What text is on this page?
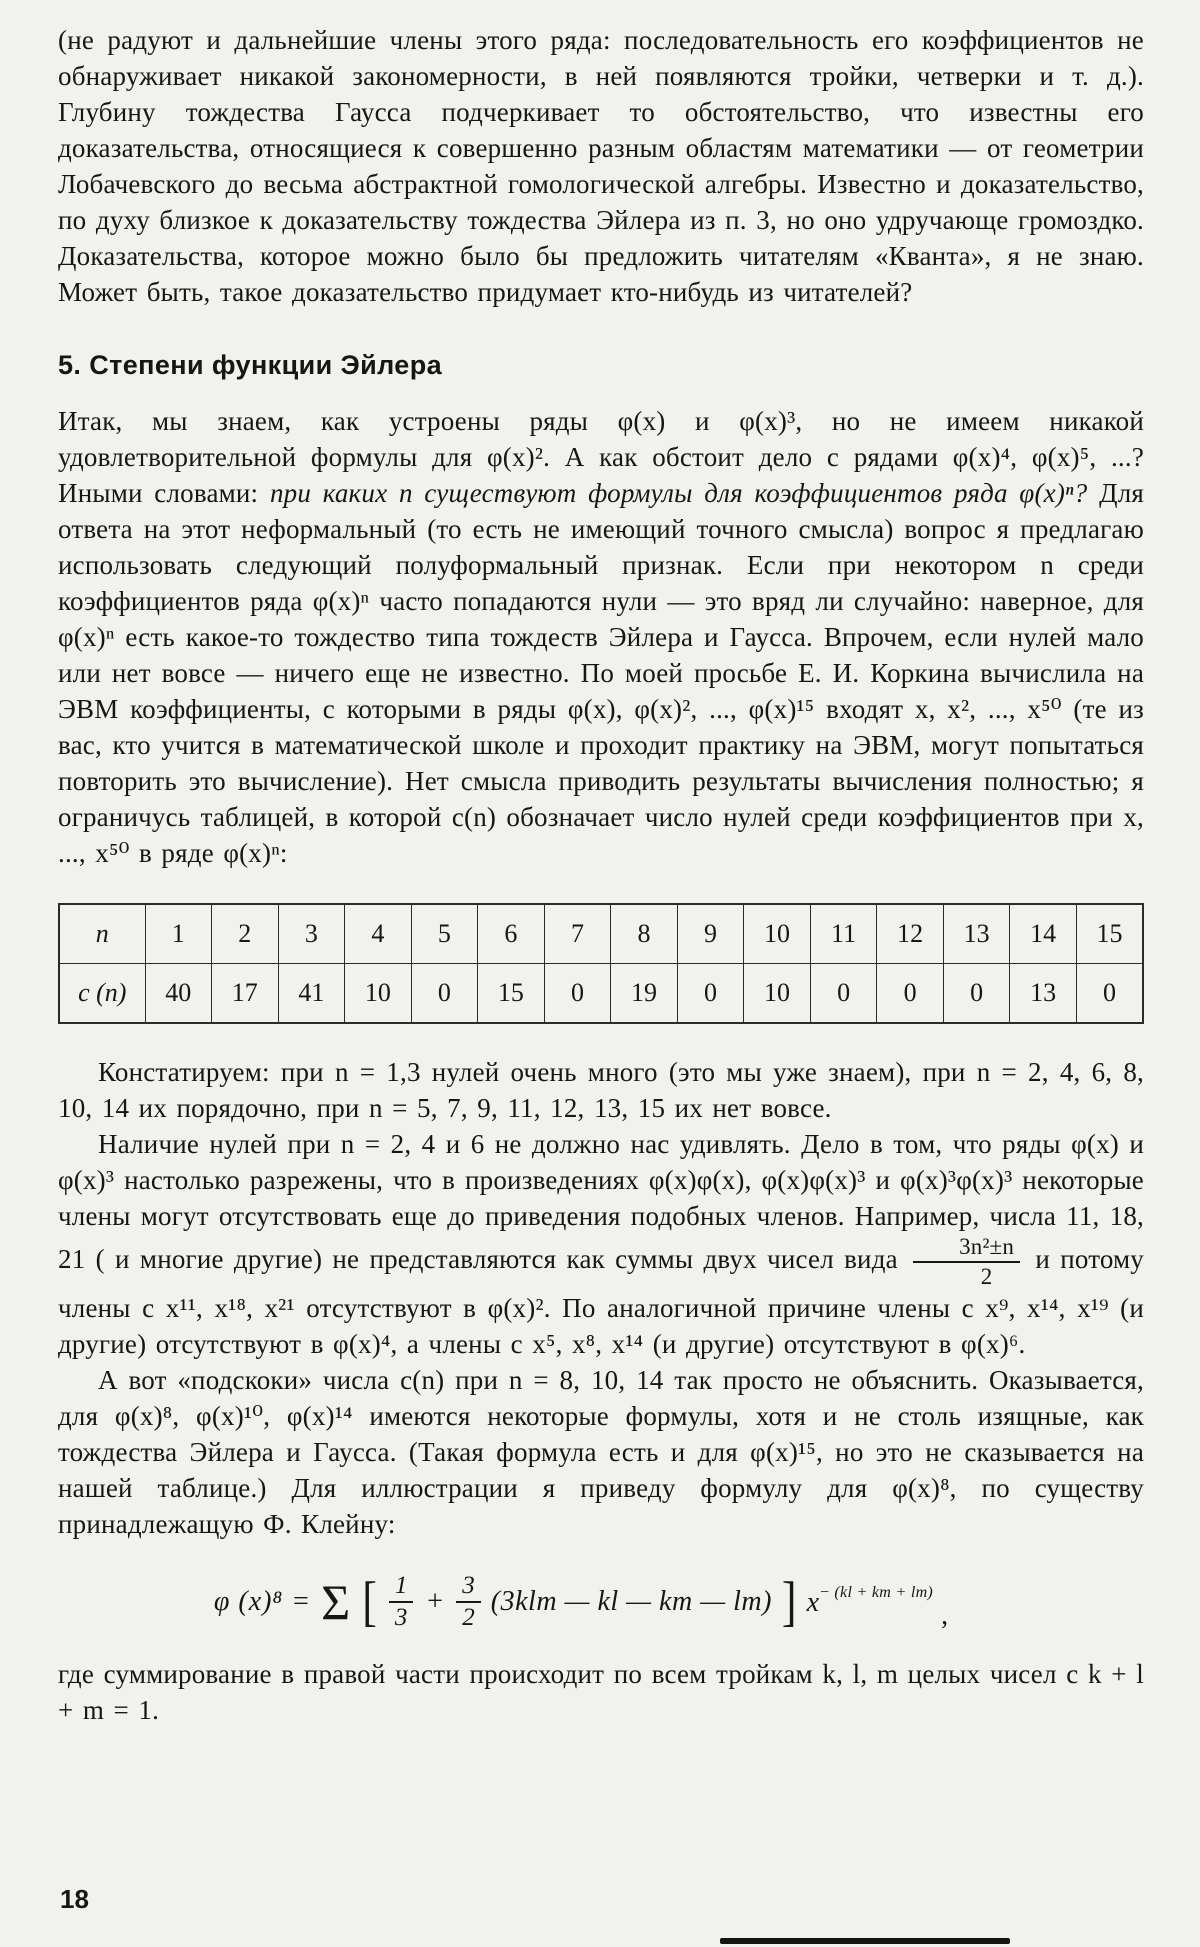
(не радуют и дальнейшие члены этого ряда: последовательность его коэффициентов не обнаруживает никакой закономерности, в ней появляются тройки, четверки и т. д.). Глубину тождества Гаусса подчеркивает то обстоятельство, что известны его доказательства, относящиеся к совершенно разным областям математики — от геометрии Лобачевского до весьма абстрактной гомологической алгебры. Известно и доказательство, по духу близкое к доказательству тождества Эйлера из п. 3, но оно удручающе громоздко. Доказательства, которое можно было бы предложить читателям «Кванта», я не знаю. Может быть, такое доказательство придумает кто-нибудь из читателей?

5. Степени функции Эйлера

Итак, мы знаем, как устроены ряды φ(x) и φ(x)³, но не имеем никакой удовлетворительной формулы для φ(x)². А как обстоит дело с рядами φ(x)⁴, φ(x)⁵, ...? Иными словами: при каких n существуют формулы для коэффициентов ряда φ(x)ⁿ? Для ответа на этот неформальный (то есть не имеющий точного смысла) вопрос я предлагаю использовать следующий полуформальный признак. Если при некотором n среди коэффициентов ряда φ(x)ⁿ часто попадаются нули — это вряд ли случайно: наверное, для φ(x)ⁿ есть какое-то тождество типа тождеств Эйлера и Гаусса. Впрочем, если нулей мало или нет вовсе — ничего еще не известно. По моей просьбе Е. И. Коркина вычислила на ЭВМ коэффициенты, с которыми в ряды φ(x), φ(x)², ..., φ(x)¹⁵ входят x, x², ..., x⁵⁰ (те из вас, кто учится в математической школе и проходит практику на ЭВМ, могут попытаться повторить это вычисление). Нет смысла приводить результаты вычисления полностью; я ограничусь таблицей, в которой c(n) обозначает число нулей среди коэффициентов при x, ..., x⁵⁰ в ряде φ(x)ⁿ:

n	1	2	3	4	5	6	7	8	9	10	11	12	13	14	15
c (n)	40	17	41	10	0	15	0	19	0	10	0	0	0	13	0

Констатируем: при n = 1,3 нулей очень много (это мы уже знаем), при n = 2, 4, 6, 8, 10, 14 их порядочно, при n = 5, 7, 9, 11, 12, 13, 15 их нет вовсе.

Наличие нулей при n = 2, 4 и 6 не должно нас удивлять. Дело в том, что ряды φ(x) и φ(x)³ настолько разрежены, что в произведениях φ(x)φ(x), φ(x)φ(x)³ и φ(x)³φ(x)³ некоторые члены могут отсутствовать еще до приведения подобных членов. Например, числа 11, 18, 21 ( и многие другие) не представляются как суммы двух чисел вида $\frac{\text{3n²±n}}{2}$ и потому члены с x¹¹, x¹⁸, x²¹ отсутствуют в φ(x)². По аналогичной причине члены с x⁹, x¹⁴, x¹⁹ (и другие) отсутствуют в φ(x)⁴, а члены с x⁵, x⁸, x¹⁴ (и другие) отсутствуют в φ(x)⁶.

А вот «подскоки» числа c(n) при n = 8, 10, 14 так просто не объяснить. Оказывается, для φ(x)⁸, φ(x)¹⁰, φ(x)¹⁴ имеются некоторые формулы, хотя и не столь изящные, как тождества Эйлера и Гаусса. (Такая формула есть и для φ(x)¹⁵, но это не сказывается на нашей таблице.) Для иллюстрации я приведу формулу для φ(x)⁸, по существу принадлежащую Ф. Клейну:

φ (x)⁸ = Σ [ $\frac{1}{3} + \frac{3}{2} (3klm$ — kl — km — lm) ] $x^{- (kl + km + lm)}$
,

где суммирование в правой части происходит по всем тройкам k, l, m целых чисел с k + l + m = 1.

18
